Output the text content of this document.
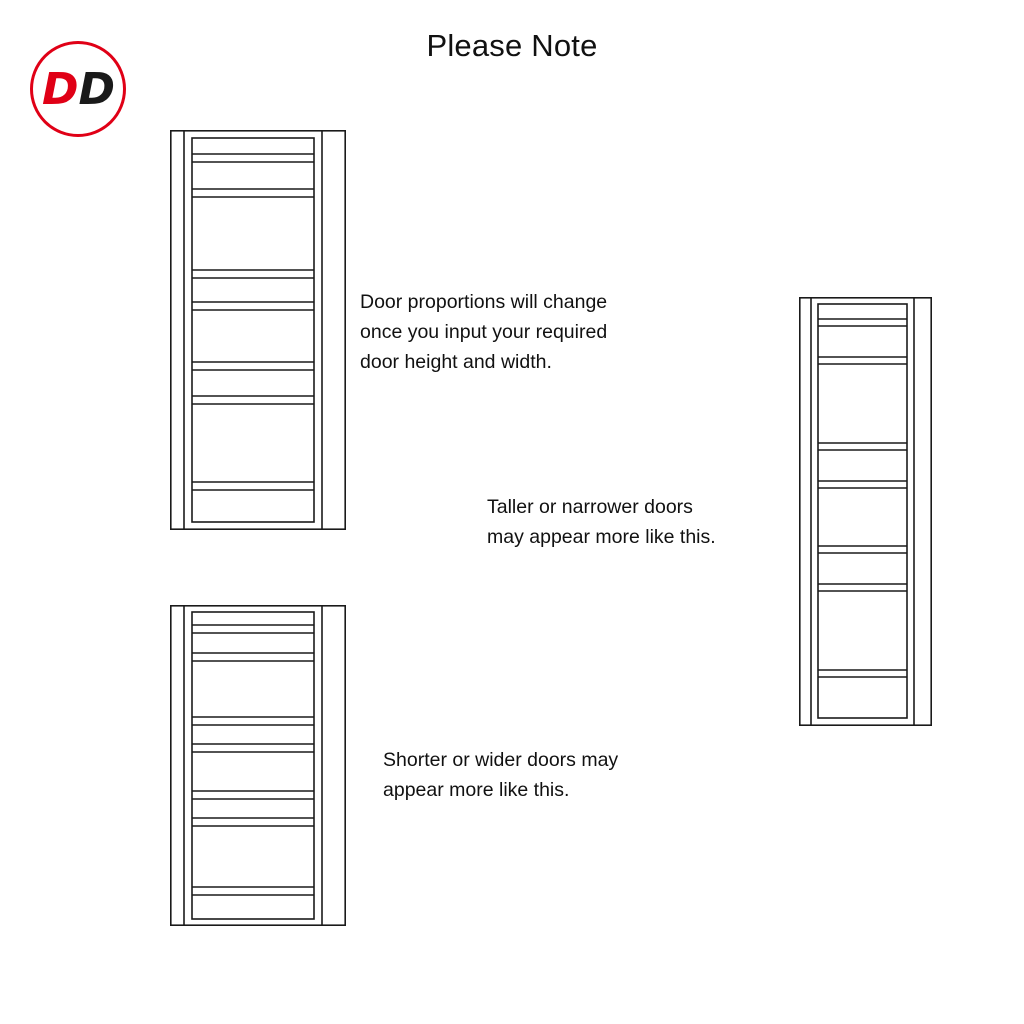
D D
Please Note
Door proportions will change
once you input your required
door height and width.
Taller or narrower doors
may appear more like this.
Shorter or wider doors may
appear more like this.
